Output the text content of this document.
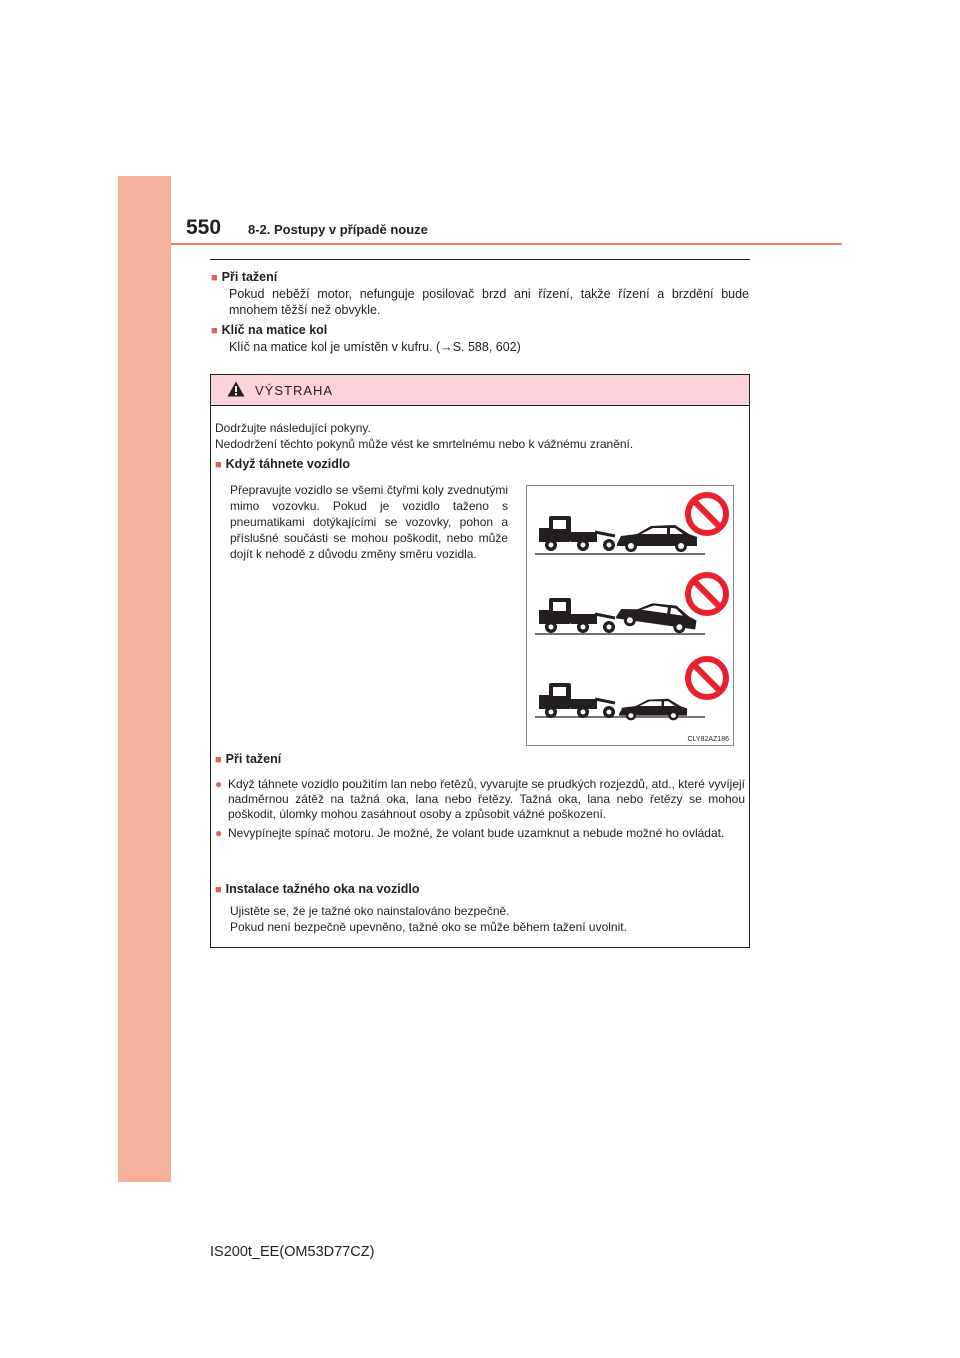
550 8-2. Postupy v případě nouze
■ Při tažení
Pokud neběží motor, nefunguje posilovač brzd ani řízení, takže řízení a brzdění bude mnohem těžší než obvykle.
■ Klíč na matice kol
Klíč na matice kol je umístěn v kufru. (→S. 588, 602)
VÝSTRAHA
Dodržujte následující pokyny.
Nedodržení těchto pokynů může vést ke smrtelnému nebo k vážnému zranění.
■ Když táhnete vozidlo
Přepravujte vozidlo se všemi čtyřmi koly zvednutými mimo vozovku. Pokud je vozidlo taženo s pneumatikami dotýkajícími se vozovky, pohon a příslušné součásti se mohou poškodit, nebo může dojít k nehodě z důvodu změny směru vozidla.
CLY82AZ186
■ Při tažení
● Když táhnete vozidlo použitím lan nebo řetězů, vyvarujte se prudkých rozjezdů, atd., které vyvíjejí nadměrnou zátěž na tažná oka, lana nebo řetězy. Tažná oka, lana nebo řetězy se mohou poškodit, úlomky mohou zasáhnout osoby a způsobit vážné poškození.
● Nevypínejte spínač motoru. Je možné, že volant bude uzamknut a nebude možné ho ovládat.
■ Instalace tažného oka na vozidlo
Ujistěte se, že je tažné oko nainstalováno bezpečně.
Pokud není bezpečně upevněno, tažné oko se může během tažení uvolnit.
IS200t_EE(OM53D77CZ)
